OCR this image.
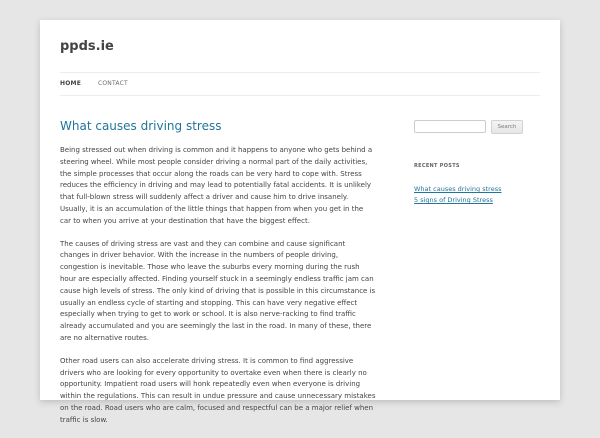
ppds.ie
HOME	CONTACT
What causes driving stress

Being stressed out when driving is common and it happens to anyone who gets behind a steering wheel. While most people consider driving a normal part of the daily activities, the simple processes that occur along the roads can be very hard to cope with. Stress reduces the efficiency in driving and may lead to potentially fatal accidents. It is unlikely that full-blown stress will suddenly affect a driver and cause him to drive insanely. Usually, it is an accumulation of the little things that happen from when you get in the car to when you arrive at your destination that have the biggest effect.

The causes of driving stress are vast and they can combine and cause significant changes in driver behavior. With the increase in the numbers of people driving, congestion is inevitable. Those who leave the suburbs every morning during the rush hour are especially affected. Finding yourself stuck in a seemingly endless traffic jam can cause high levels of stress. The only kind of driving that is possible in this circumstance is usually an endless cycle of starting and stopping. This can have very negative effect especially when trying to get to work or school. It is also nerve-racking to find traffic already accumulated and you are seemingly the last in the road. In many of these, there are no alternative routes.

Other road users can also accelerate driving stress. It is common to find aggressive drivers who are looking for every opportunity to overtake even when there is clearly no opportunity. Impatient road users will honk repeatedly even when everyone is driving within the regulations. This can result in undue pressure and cause unnecessary mistakes on the road. Road users who are calm, focused and respectful can be a major relief when traffic is slow.

Search
RECENT POSTS
What causes driving stress
5 signs of Driving Stress
